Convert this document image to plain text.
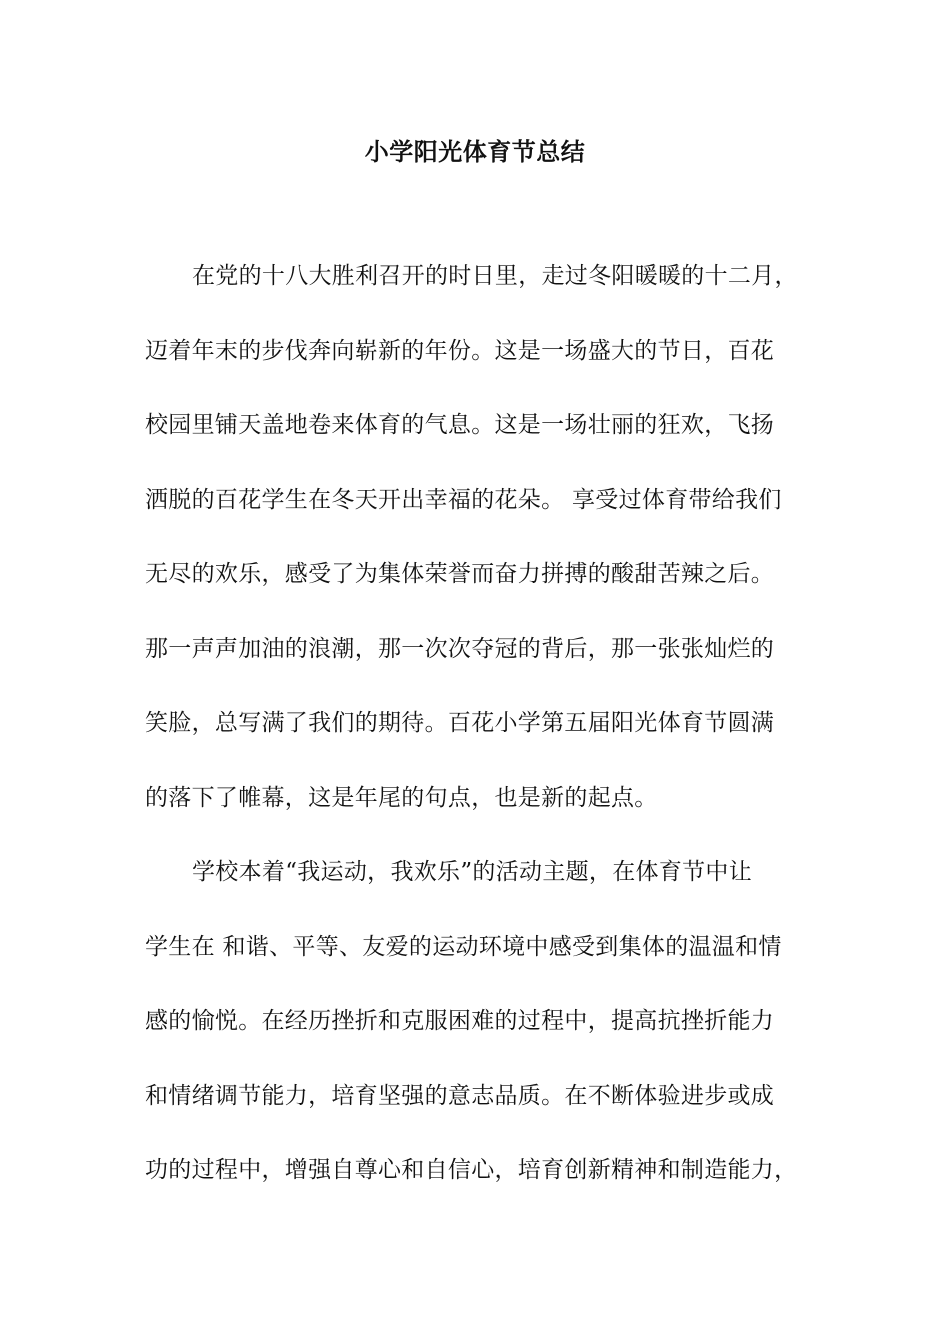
小学阳光体育节总结
在党的十八大胜利召开的时日里，走过冬阳暖暖的十二月，
迈着年末的步伐奔向崭新的年份。这是一场盛大的节日，百花
校园里铺天盖地卷来体育的气息。这是一场壮丽的狂欢，飞扬
洒脱的百花学生在冬天开出幸福的花朵。 享受过体育带给我们
无尽的欢乐，感受了为集体荣誉而奋力拼搏的酸甜苦辣之后。
那一声声加油的浪潮，那一次次夺冠的背后，那一张张灿烂的
笑脸，总写满了我们的期待。百花小学第五届阳光体育节圆满
的落下了帷幕，这是年尾的句点，也是新的起点。
学校本着“我运动，我欢乐”的活动主题，在体育节中让
学生在 和谐、平等、友爱的运动环境中感受到集体的温温和情
感的愉悦。在经历挫折和克服困难的过程中，提高抗挫折能力
和情绪调节能力，培育坚强的意志品质。在不断体验进步或成
功的过程中，增强自尊心和自信心，培育创新精神和制造能力，
